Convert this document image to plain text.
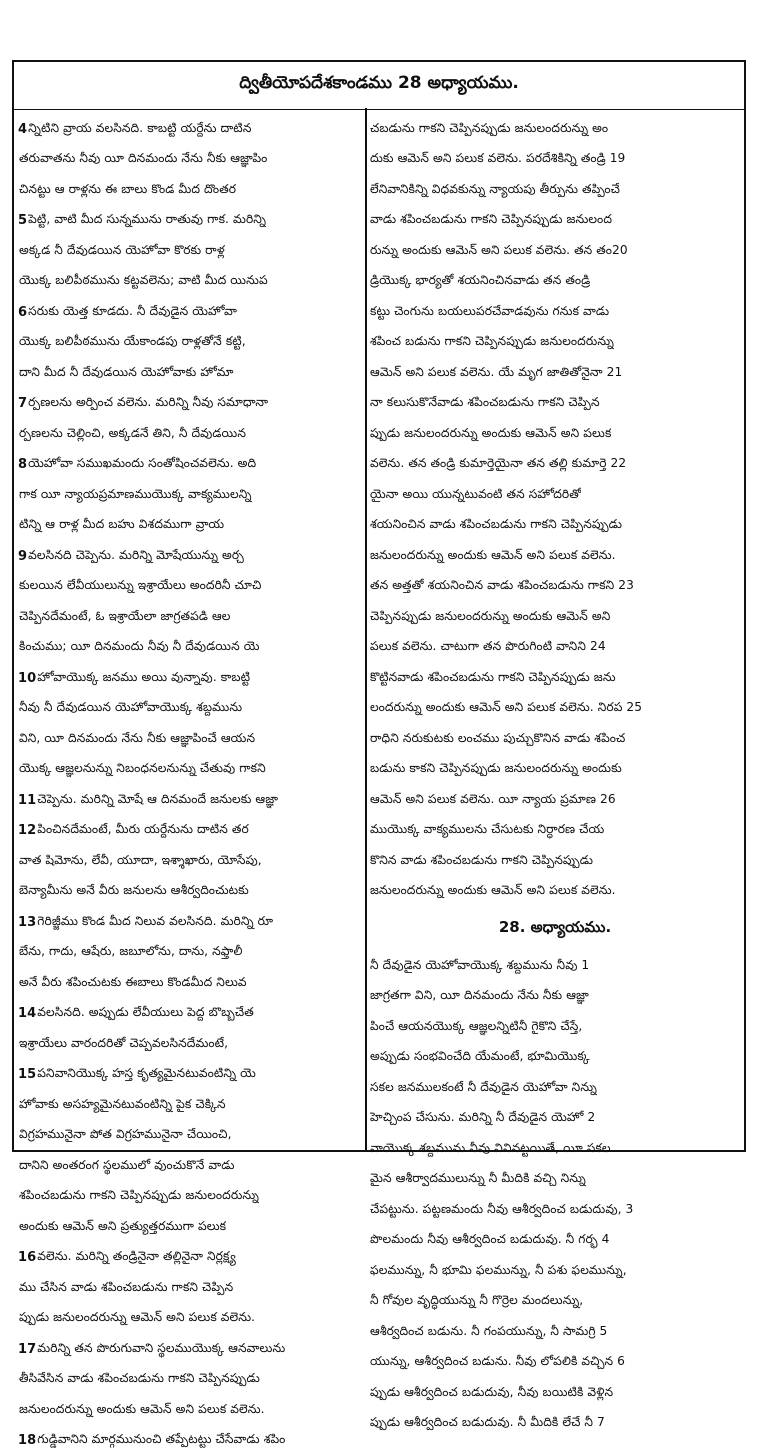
ద్వితీయోపదేశకాండము 28 అధ్యాయము.
4 న్నిటిని వ్రాయ వలసినది. కాబట్టి యర్దేను దాటిన
తరువాతను నీవు యీ దినమందు నేను నీకు ఆజ్ఞాపిం
చినట్టు ఆ రాళ్లను ఈ బాలు కొండ మీద దొంతర
5 పెట్టి, వాటి మీద సున్నమును రాతువు గాక. మరిన్ని
అక్కడ నీ దేవుడయిన యెహోవా కొరకు రాళ్ల
యొక్క బలిపీఠమును కట్టవలెను; వాటి మీద యినుప
6 సరుకు యెత్త కూడదు. నీ దేవుడైన యెహోవా
యొక్క బలిపీఠమును యేకాండపు రాళ్లతోనే కట్టి,
దాని మీద నీ దేవుడయిన యెహోవాకు హోమా
7 ర్పణలను అర్పించ వలెను. మరిన్ని నీవు సమాధానా
ర్పణలను చెల్లించి, అక్కడనే తిని, నీ దేవుడయిన
8 యెహోవా సముఖమందు సంతోషించవలెను. అది
గాక యీ న్యాయప్రమాణముయొక్క వాక్యములన్ని
టిన్ని ఆ రాళ్ల మీద బహు విశదముగా వ్రాయ
9 వలసినది చెప్పెను. మరిన్ని మోషేయున్ను అర్చ
కులయిన లేవీయులున్ను ఇశ్రాయేలు అందరినీ చూచి
చెప్పినదేమంటే, ఓ ఇశ్రాయేలా జాగ్రతపడి ఆల
కించుము; యీ దినమందు నీవు నీ దేవుడయిన యె
10 హోవాయొక్క జనము అయి వున్నావు. కాబట్టి
నీవు నీ దేవుడయిన యెహోవాయొక్క శబ్దమును
విని, యీ దినమందు నేను నీకు ఆజ్ఞాపించే ఆయన
యొక్క ఆజ్ఞలనున్ను నిబంధనలనున్ను చేతువు గాకని
11 చెప్పెను. మరిన్ని మోషే ఆ దినమందే జనులకు ఆజ్ఞా
12 పించినదేమంటే, మీరు యర్దేనును దాటిన తర
వాత షిమోను, లేవీ, యూదా, ఇశ్శాఖారు, యోసేపు,
బెన్యామీను అనే వీరు జనులను ఆశీర్వదించుటకు
13 గెరిజ్జీము కొండ మీద నిలువ వలసినది. మరిన్ని రూ
బేను, గాదు, ఆషేరు, జబూలోను, దాను, నఫ్తాలీ
అనే వీరు శపించుటకు ఈబాలు కొండమీద నిలువ
14 వలసినది. అప్పుడు లేవీయులు పెద్ద బొబ్బచేత
ఇశ్రాయేలు వారందరితో చెప్పవలసినదేమంటే,
15 పనివానియొక్క హస్త కృత్యమైనటువంటిన్ని యె
హోవాకు అసహ్యమైనటువంటిన్ని పైక చెక్కిన
విగ్రహమునైనా పోత విగ్రహమునైనా చేయించి,
దానిని అంతరంగ స్థలములో వుంచుకొనే వాడు
శపించబడును గాకని చెప్పినప్పుడు జనులందరున్ను
అందుకు ఆమెన్ అని ప్రత్యుత్తరముగా పలుక
16 వలెను. మరిన్ని తండ్రినైనా తల్లినైనా నిర్లక్ష్య
ము చేసిన వాడు శపించబడును గాకని చెప్పిన
ప్పుడు జనులందరున్ను ఆమెన్ అని పలుక వలెను.
17 మరిన్ని తన పొరుగువాని స్థలముయొక్క ఆనవాలును
తీసివేసిన వాడు శపించబడును గాకని చెప్పినప్పుడు
జనులందరున్ను అందుకు ఆమెన్ అని పలుక వలెను.
18 గుడ్డివానిని మార్గమునుంచి తప్పేటట్టు చేసేవాడు శపిం
చబడును గాకని చెప్పినప్పుడు జనులందరున్ను అం
దుకు ఆమెన్ అని పలుక వలెను. పరదేశికిన్ని తండ్రి 19
లేనివానికిన్ని విధవకున్ను న్యాయపు తీర్పును తప్పించే
వాడు శపించబడును గాకని చెప్పినప్పుడు జనులంద
రున్ను అందుకు ఆమెన్ అని పలుక వలెను. తన తం20
డ్రియొక్క భార్యతో శయనించినవాడు తన తండ్రి
కట్టు చెంగును బయలుపరచేవాడవును గనుక వాడు
శపించ బడును గాకని చెప్పినప్పుడు జనులందరున్ను
ఆమెన్ అని పలుక వలెను. యే మృగ జాతితోనైనా 21
నా కలుసుకొనేవాడు శపించబడును గాకని చెప్పిన
ప్పుడు జనులందరున్ను అందుకు ఆమెన్ అని పలుక
వలెను. తన తండ్రి కుమార్తెయైనా తన తల్లి కుమార్తె 22
యైనా అయి యున్నటువంటి తన సహోదరితో
శయనించిన వాడు శపించబడును గాకని చెప్పినప్పుడు
జనులందరున్ను అందుకు ఆమెన్ అని పలుక వలెను.
తన అత్తతో శయనించిన వాడు శపించబడును గాకని 23
చెప్పినప్పుడు జనులందరున్ను అందుకు ఆమెన్ అని
పలుక వలెను. చాటుగా తన పొరుగింటి వానిని 24
కొట్టినవాడు శపించబడును గాకని చెప్పినప్పుడు జను
లందరున్ను అందుకు ఆమెన్ అని పలుక వలెను. నిరప 25
రాధిని నరుకుటకు లంచము పుచ్చుకొనిన వాడు శపించ
బడును కాకని చెప్పినప్పుడు జనులందరున్ను అందుకు
ఆమెన్ అని పలుక వలెను. యీ న్యాయ ప్రమాణ 26
ముయొక్క వాక్యములను చేసుటకు నిర్ధారణ చేయ
కొనిన వాడు శపించబడును గాకని చెప్పినప్పుడు
జనులందరున్ను అందుకు ఆమెన్ అని పలుక వలెను.
28. అధ్యాయము.
నీ దేవుడైన యెహోవాయొక్క శబ్దమును నీవు 1
జాగ్రతగా విని, యీ దినమందు నేను నీకు ఆజ్ఞా
పించే ఆయనయొక్క ఆజ్ఞలన్నిటినీ గైకొని చేస్తే,
అప్పుడు సంభవించేది యేమంటే, భూమియొక్క
సకల జనములకంటే నీ దేవుడైన యెహోవా నిన్ను
హెచ్చింప చేసును. మరిన్ని నీ దేవుడైన యెహో 2
వాయొక్క శబ్దమును నీవు వినినట్టయితే, యీ సకల
మైన ఆశీర్వాదములున్ను నీ మీదికి వచ్చి నిన్ను
చేపట్టును. పట్టణమందు నీవు ఆశీర్వదించ బడుదువు, 3
పొలమందు నీవు ఆశీర్వదించ బడుదువు. నీ గర్భ 4
ఫలమున్ను, నీ భూమి ఫలమున్ను, నీ పశు ఫలమున్ను,
నీ గోవుల వృద్ధియున్ను నీ గొర్రెల మందలున్ను,
ఆశీర్వదించ బడును. నీ గంపయున్ను, నీ సామగ్రి 5
యున్ను, ఆశీర్వదించ బడును. నీవు లోపలికి వచ్చిన 6
ప్పుడు ఆశీర్వదించ బడుదువు, నీవు బయిటికి వెళ్లిన
ప్పుడు ఆశీర్వదించ బడుదువు. నీ మీదికి లేచే నీ 7
